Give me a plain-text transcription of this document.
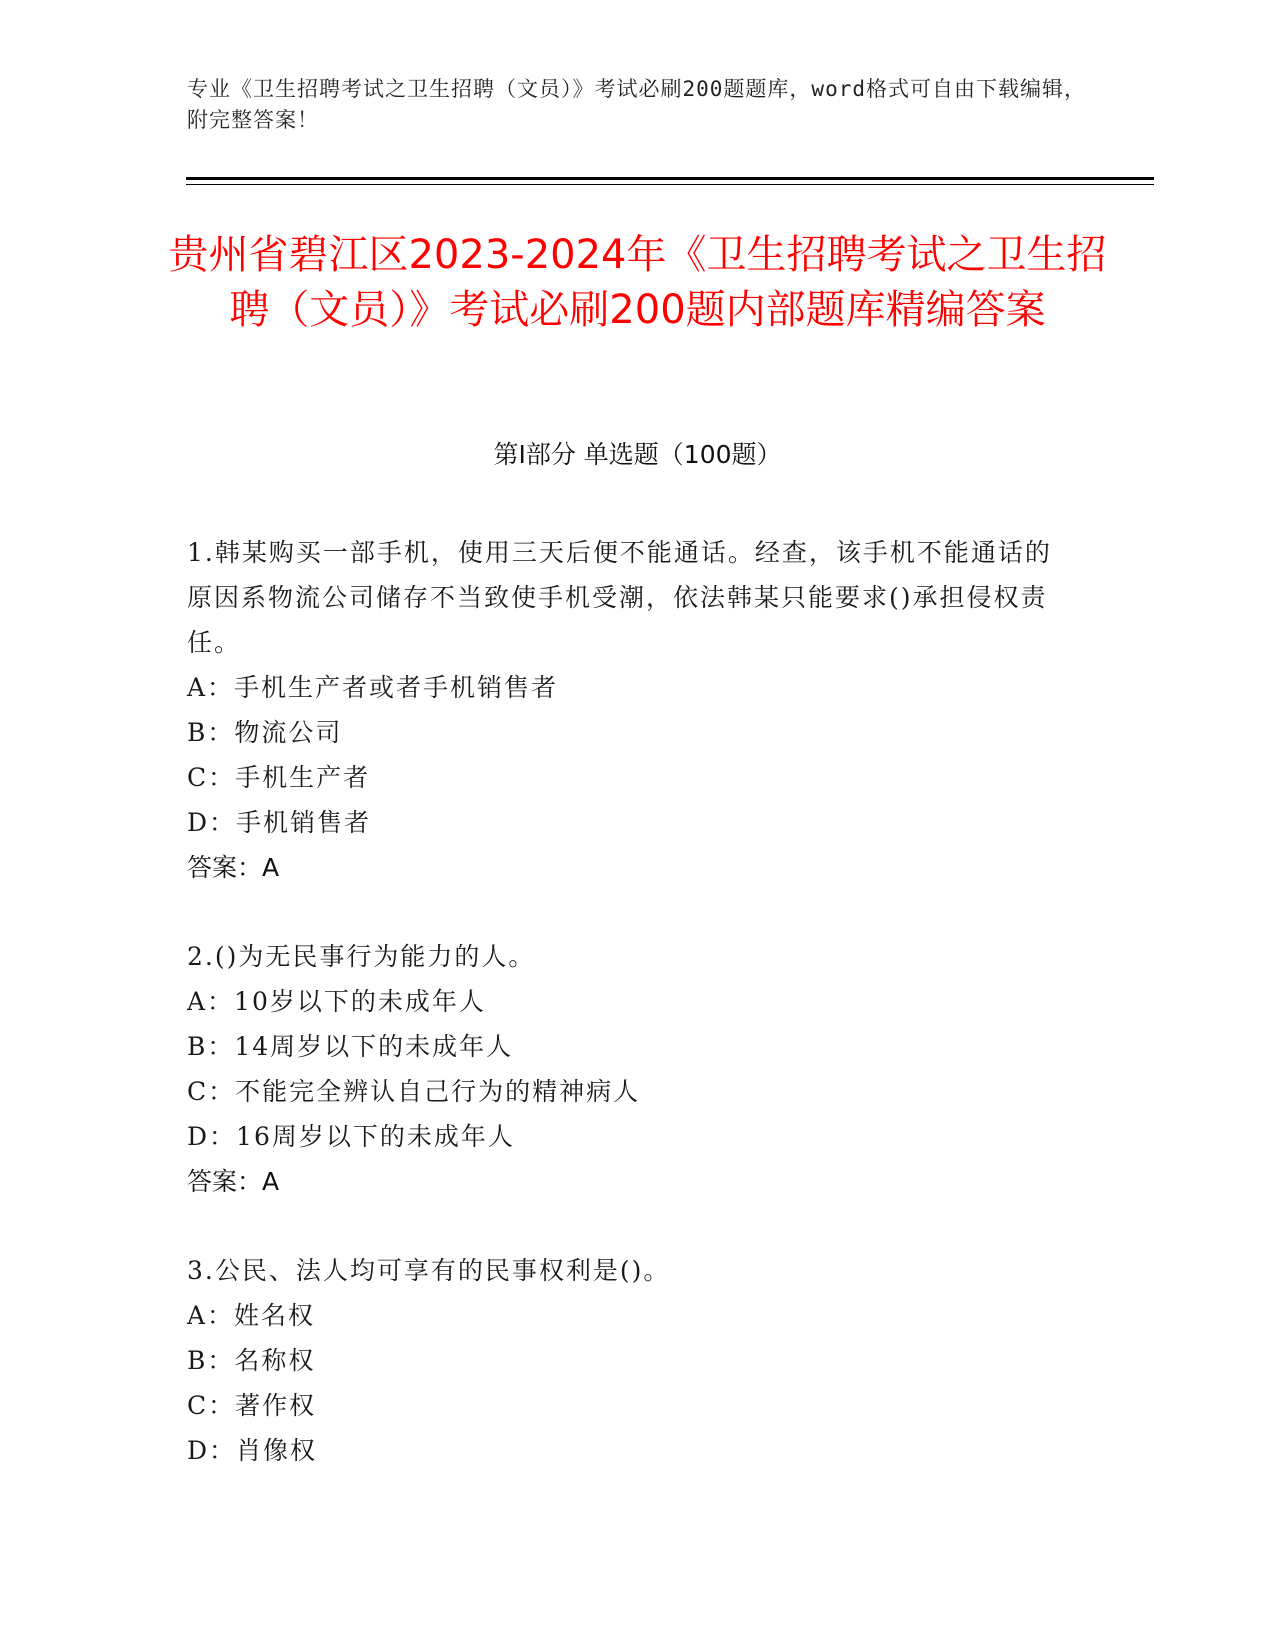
专业《卫生招聘考试之卫生招聘（文员）》考试必刷200题题库，word格式可自由下载编辑，附完整答案！
贵州省碧江区2023-2024年《卫生招聘考试之卫生招聘（文员）》考试必刷200题内部题库精编答案
第Ⅰ部分 单选题（100题）
1.韩某购买一部手机，使用三天后便不能通话。经查，该手机不能通话的原因系物流公司储存不当致使手机受潮，依法韩某只能要求()承担侵权责任。
A：手机生产者或者手机销售者
B：物流公司
C：手机生产者
D：手机销售者
答案：A
2.()为无民事行为能力的人。
A：10岁以下的未成年人
B：14周岁以下的未成年人
C：不能完全辨认自己行为的精神病人
D：16周岁以下的未成年人
答案：A
3.公民、法人均可享有的民事权利是()。
A：姓名权
B：名称权
C：著作权
D：肖像权
